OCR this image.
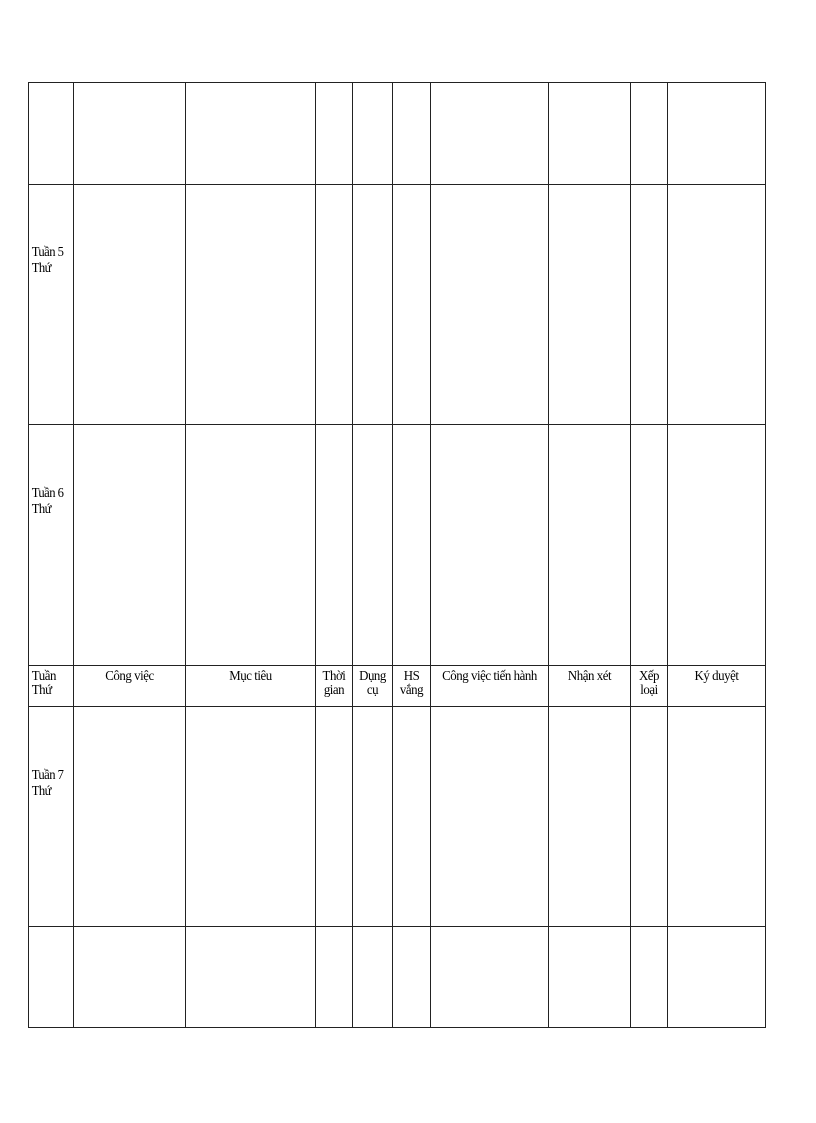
Tuần 5
Thứ									

Tuần 6
Thứ									

Tuần Thứ	Công việc	Mục tiêu	Thời gian	Dụng cụ	HS vắng	Công việc tiến hành	Nhận xét	Xếp loại	Ký duyệt

Tuần 7
Thứ									
